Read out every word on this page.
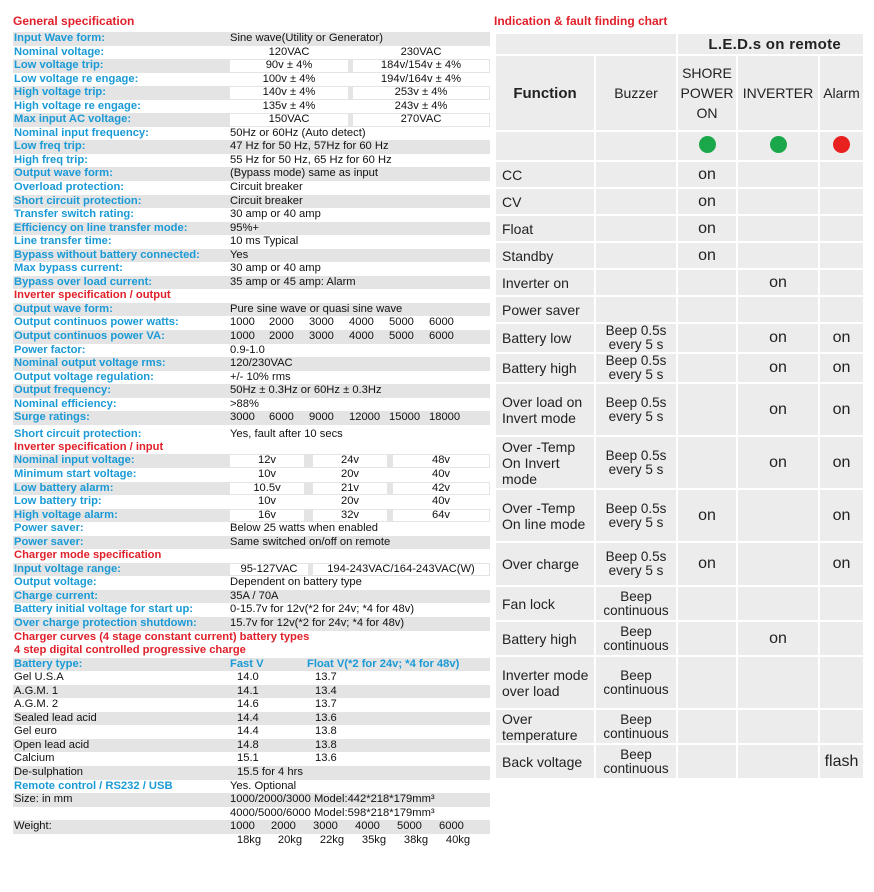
General specification
Input Wave form:	Sine wave(Utility or Generator)
Nominal voltage:	120VAC	230VAC
Low voltage trip:	90v ± 4%	184v/154v ± 4%
Low voltage re engage:	100v ± 4%	194v/164v ± 4%
High voltage trip:	140v ± 4%	253v ± 4%
High voltage re engage:	135v ± 4%	243v ± 4%
Max input AC voltage:	150VAC	270VAC
Nominal input frequency:	50Hz or 60Hz (Auto detect)
Low freq trip:	47 Hz for 50 Hz, 57Hz for 60 Hz
High freq trip:	55 Hz for 50 Hz, 65 Hz for 60 Hz
Output wave form:	(Bypass mode) same as input
Overload protection:	Circuit breaker
Short circuit protection:	Circuit breaker
Transfer switch rating:	30 amp or 40 amp
Efficiency on line transfer mode:	95%+
Line transfer time:	10 ms Typical
Bypass without battery connected:	Yes
Max bypass current:	30 amp or 40 amp
Bypass over load current:	35 amp or 45 amp: Alarm
Inverter specification / output
Output wave form:	Pure sine wave or quasi sine wave
Output continuos power watts:	1000 2000 3000 4000 5000 6000
Output continuos power VA:	1000 2000 3000 4000 5000 6000
Power factor:	0.9-1.0
Nominal output voltage rms:	120/230VAC
Output voltage regulation:	+/- 10% rms
Output frequency:	50Hz ± 0.3Hz or 60Hz ± 0.3Hz
Nominal efficiency:	>88%
Surge ratings:	3000 6000 9000 12000 15000 18000
Short circuit protection:	Yes, fault after 10 secs
Inverter specification / input
Nominal input voltage:	12v	24v	48v
Minimum start voltage:	10v	20v	40v
Low battery alarm:	10.5v	21v	42v
Low battery trip:	10v	20v	40v
High voltage alarm:	16v	32v	64v
Power saver:	Below 25 watts when enabled
Power saver:	Same switched on/off on remote
Charger mode specification
Input voltage range:	95-127VAC	194-243VAC/164-243VAC(W)
Output voltage:	Dependent on battery type
Charge current:	35A / 70A
Battery initial voltage for start up:	0-15.7v for 12v(*2 for 24v; *4 for 48v)
Over charge protection shutdown:	15.7v for 12v(*2 for 24v; *4 for 48v)
Charger curves (4 stage constant current) battery types
4 step digital controlled progressive charge
Battery type:	Fast V	Float V(*2 for 24v; *4 for 48v)
Gel U.S.A	14.0	13.7
A.G.M. 1	14.1	13.4
A.G.M. 2	14.6	13.7
Sealed lead acid	14.4	13.6
Gel euro	14.4	13.8
Open lead acid	14.8	13.8
Calcium	15.1	13.6
De-sulphation	15.5 for 4 hrs
Remote control / RS232 / USB	Yes. Optional
Size: in mm	1000/2000/3000 Model:442*218*179mm³
4000/5000/6000 Model:598*218*179mm³
Weight:	1000 2000 3000 4000 5000 6000
18kg	20kg	22kg	35kg	38kg	40kg
Indication & fault finding chart
		L.E.D.s on remote		
Function	Buzzer	SHORE POWER ON	INVERTER	Alarm

CC		on		
CV		on		
Float		on		
Standby		on		
Inverter on			on	
Power saver				
Battery low	Beep 0.5s every 5 s		on	on
Battery high	Beep 0.5s every 5 s		on	on
Over load on Invert mode	Beep 0.5s every 5 s		on	on
Over -Temp On Invert mode	Beep 0.5s every 5 s		on	on
Over -Temp On line mode	Beep 0.5s every 5 s	on		on
Over charge	Beep 0.5s every 5 s	on		on
Fan lock	Beep continuous			
Battery high	Beep continuous		on	
Inverter mode over load	Beep continuous			
Over temperature	Beep continuous			
Back voltage	Beep continuous			flash
